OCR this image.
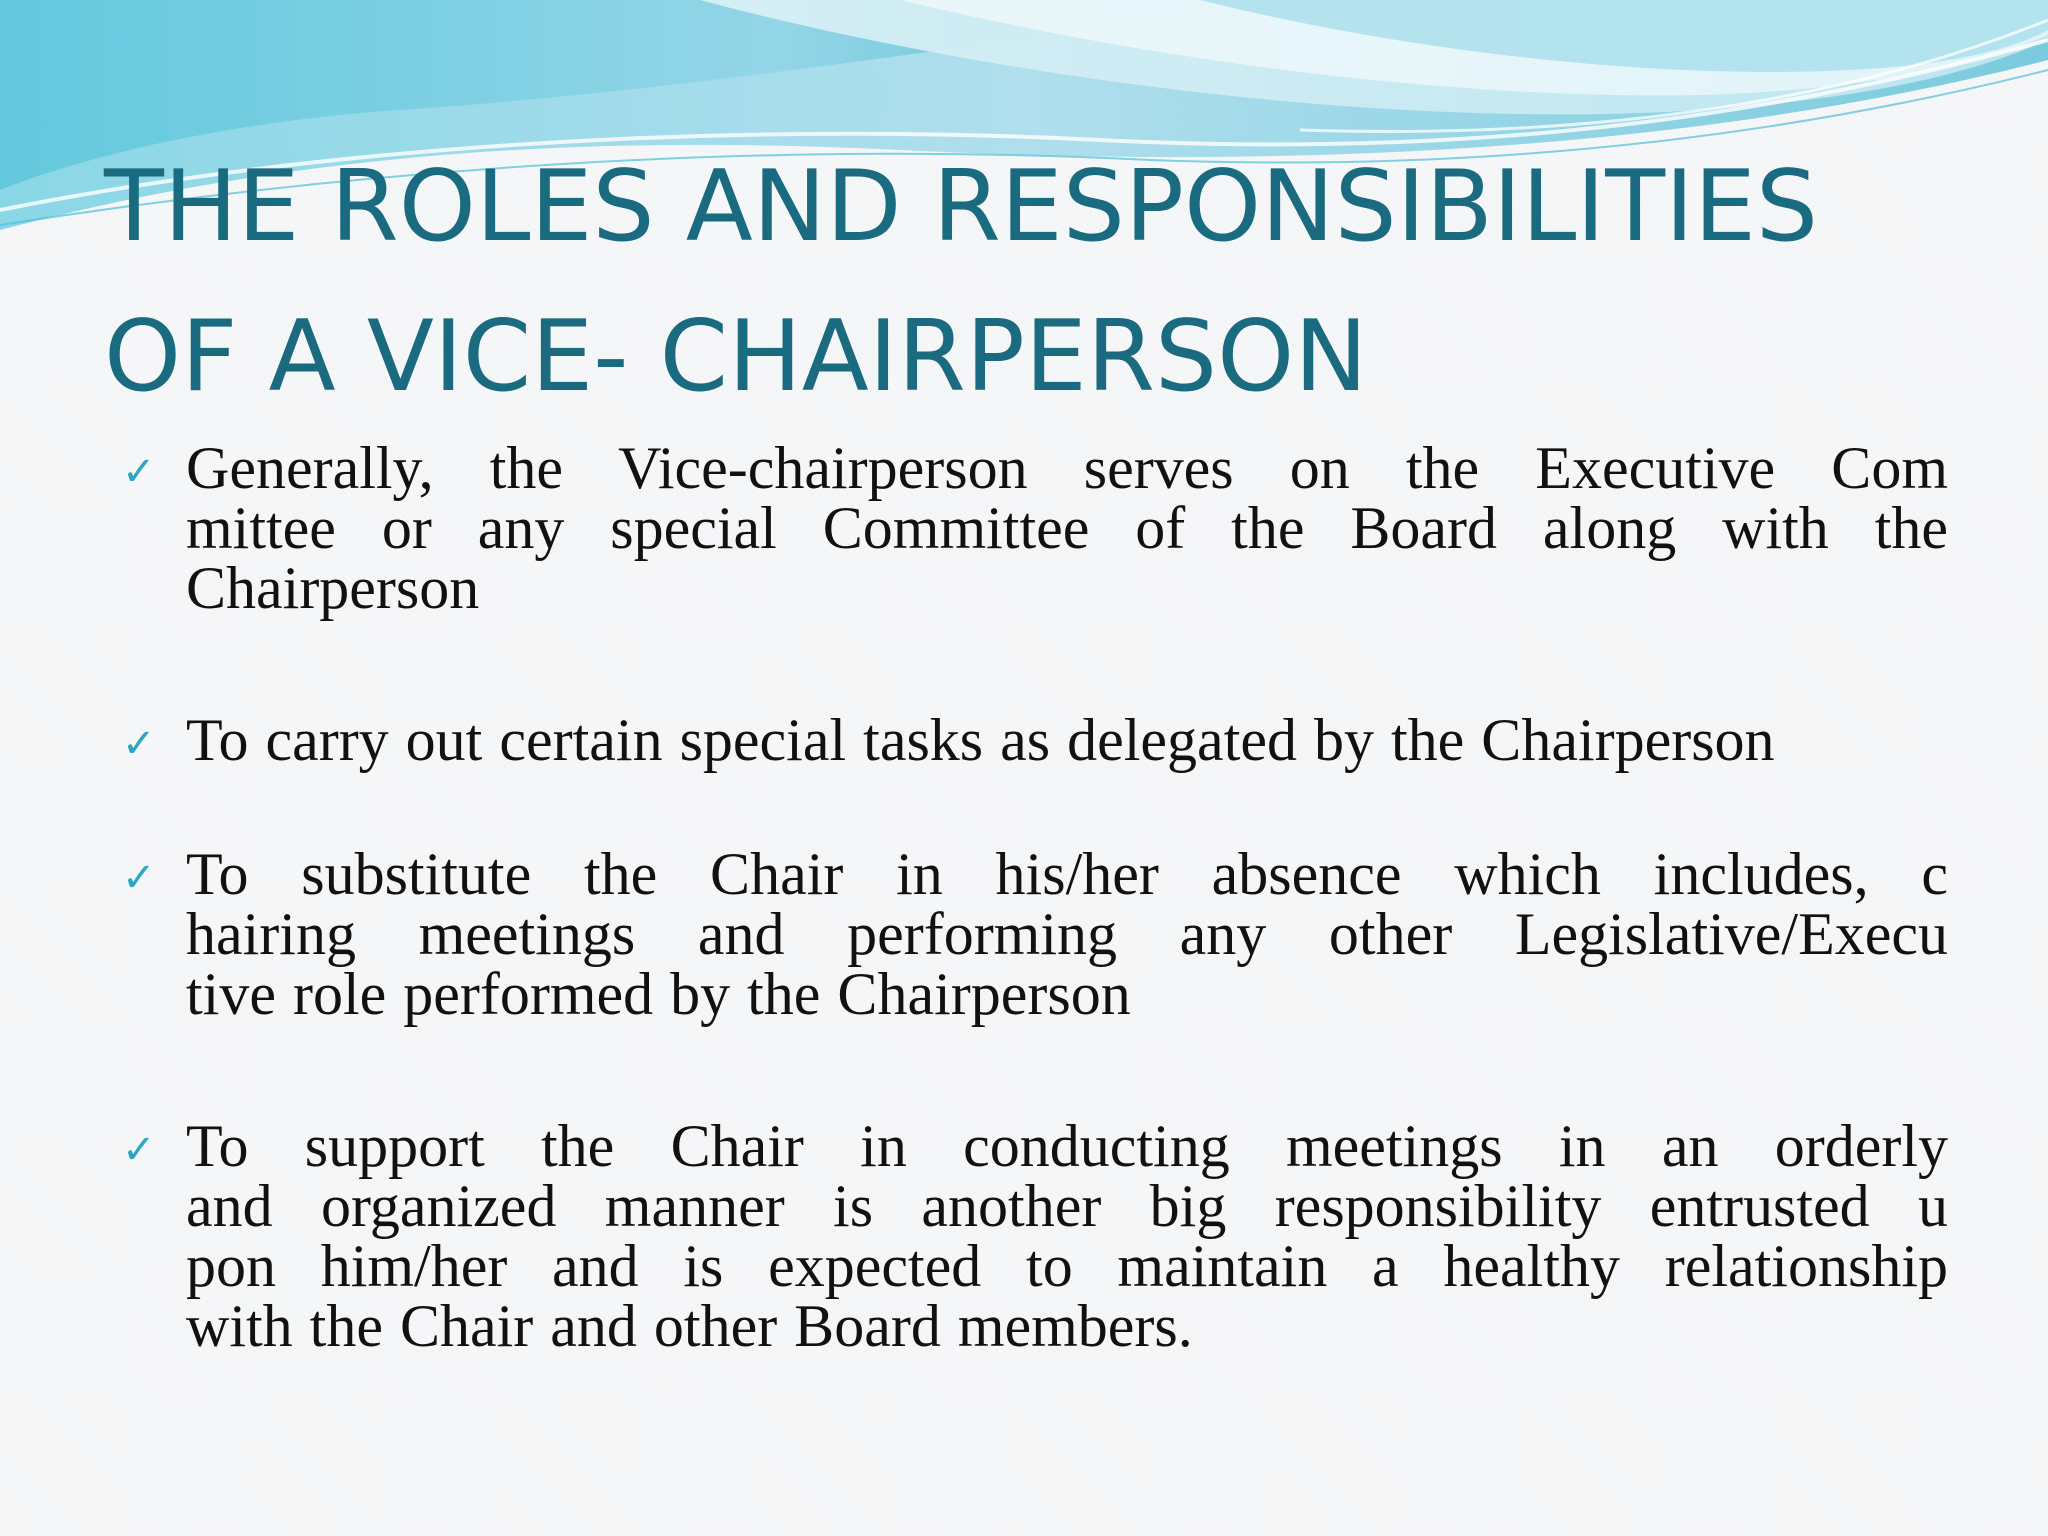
THE ROLES AND RESPONSIBILITIES
OF A VICE- CHAIRPERSON
✓ Generally, the Vice-chairperson serves on the Executive Com
mittee or any special Committee of the Board along with the
Chairperson
✓ To carry out certain special tasks as delegated by the Chairperson
✓ To substitute the Chair in his/her absence which includes, c
hairing meetings and performing any other Legislative/Execu
tive role performed by the Chairperson
✓ To support the Chair in conducting meetings in an orderly
and organized manner is another big responsibility entrusted u
pon him/her and is expected to maintain a healthy relationship
with the Chair and other Board members.
